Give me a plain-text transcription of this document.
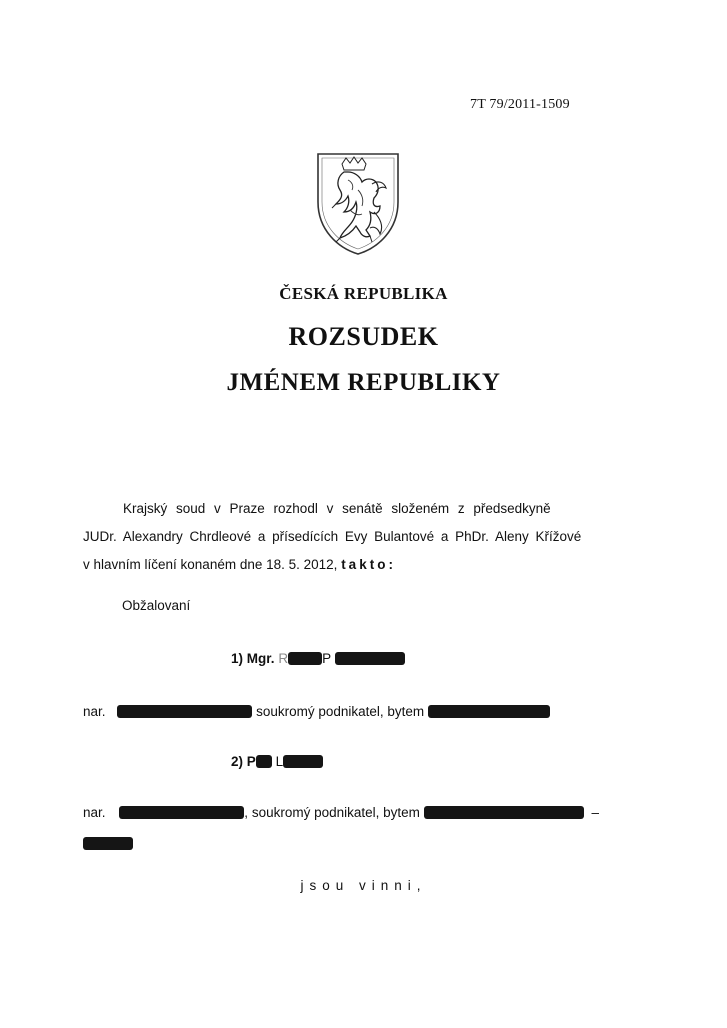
7T 79/2011-1509
ČESKÁ REPUBLIKA
ROZSUDEK
JMÉNEM REPUBLIKY
Krajský soud v Praze rozhodl v senátě složeném z předsedkyně
JUDr. Alexandry Chrdleové a přísedících Evy Bulantové a PhDr. Aleny Křížové
v hlavním líčení konaném dne 18. 5. 2012, takto:
Obžalovaní
1) Mgr. R	P
nar.	soukromý podnikatel, bytem
2) P L
nar.	, soukromý podnikatel, bytem	–
jsou vinni,
